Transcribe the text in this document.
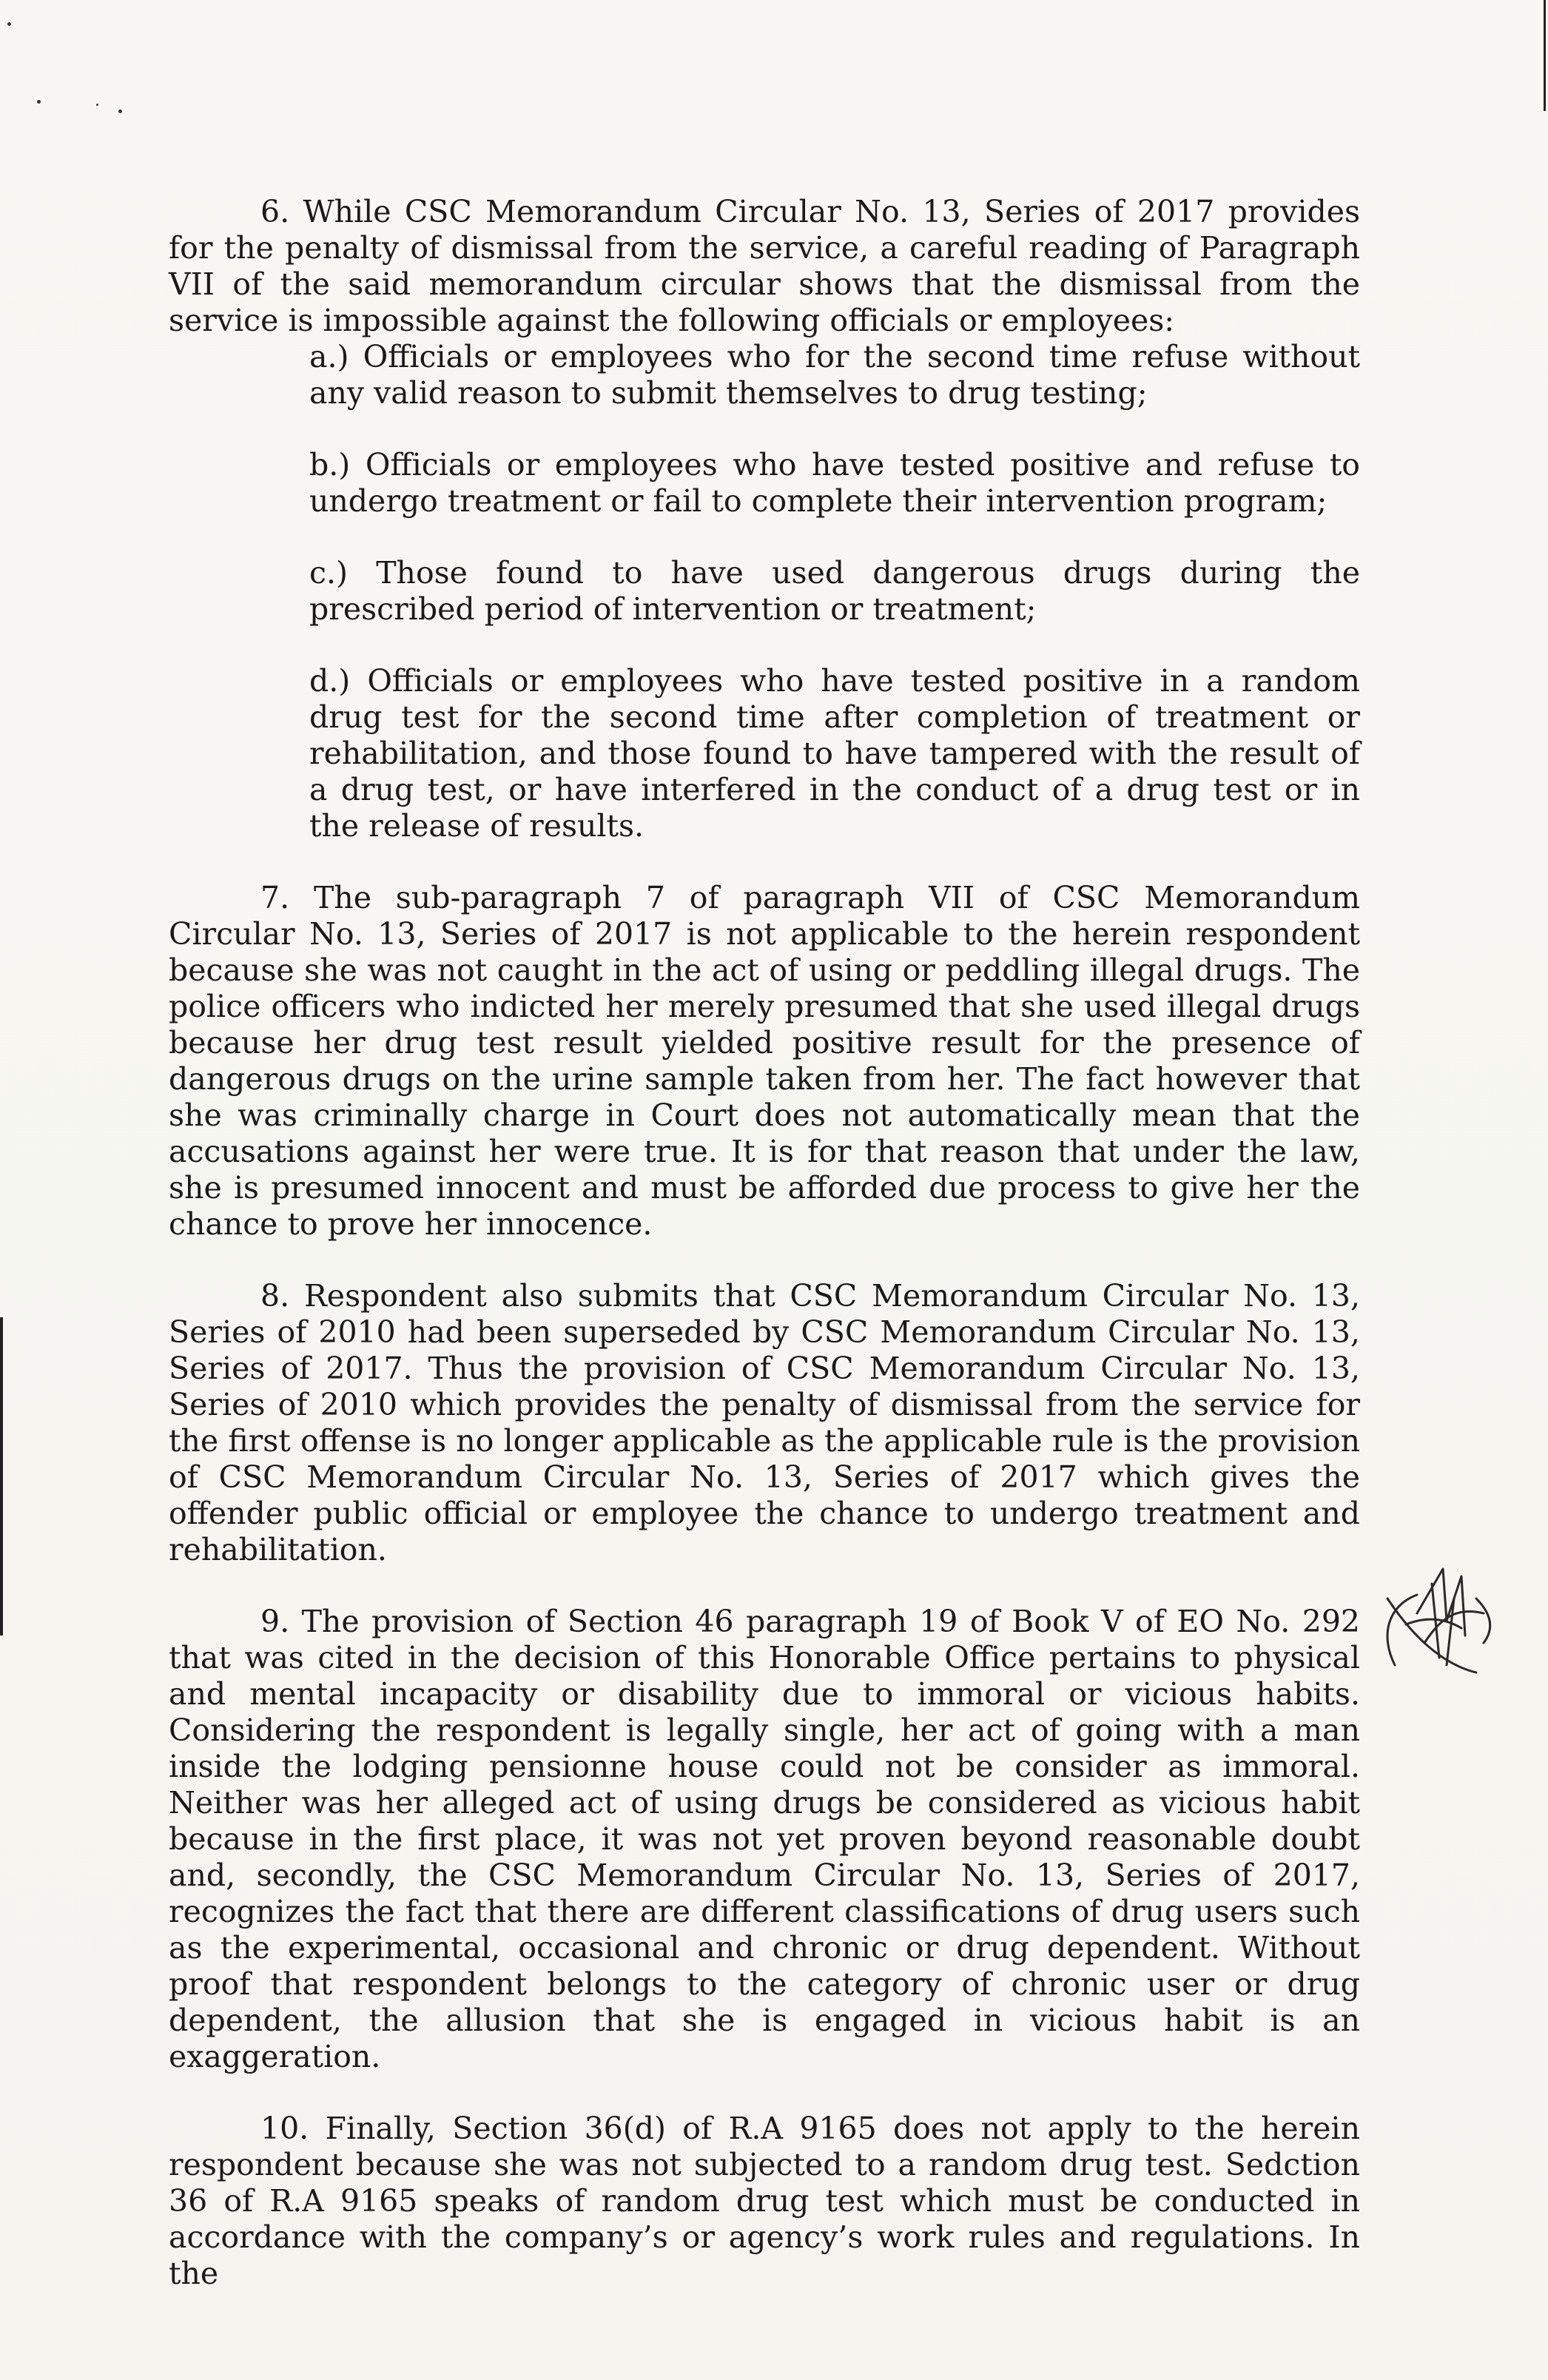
6. While CSC Memorandum Circular No. 13, Series of 2017 provides for the penalty of dismissal from the service, a careful reading of Paragraph VII of the said memorandum circular shows that the dismissal from the service is impossible against the following officials or employees:

a.) Officials or employees who for the second time refuse without any valid reason to submit themselves to drug testing;

b.) Officials or employees who have tested positive and refuse to undergo treatment or fail to complete their intervention program;

c.) Those found to have used dangerous drugs during the prescribed period of intervention or treatment;

d.) Officials or employees who have tested positive in a random drug test for the second time after completion of treatment or rehabilitation, and those found to have tampered with the result of a drug test, or have interfered in the conduct of a drug test or in the release of results.

7. The sub-paragraph 7 of paragraph VII of CSC Memorandum Circular No. 13, Series of 2017 is not applicable to the herein respondent because she was not caught in the act of using or peddling illegal drugs. The police officers who indicted her merely presumed that she used illegal drugs because her drug test result yielded positive result for the presence of dangerous drugs on the urine sample taken from her. The fact however that she was criminally charge in Court does not automatically mean that the accusations against her were true. It is for that reason that under the law, she is presumed innocent and must be afforded due process to give her the chance to prove her innocence.

8. Respondent also submits that CSC Memorandum Circular No. 13, Series of 2010 had been superseded by CSC Memorandum Circular No. 13, Series of 2017. Thus the provision of CSC Memorandum Circular No. 13, Series of 2010 which provides the penalty of dismissal from the service for the first offense is no longer applicable as the applicable rule is the provision of CSC Memorandum Circular No. 13, Series of 2017 which gives the offender public official or employee the chance to undergo treatment and rehabilitation.

9. The provision of Section 46 paragraph 19 of Book V of EO No. 292 that was cited in the decision of this Honorable Office pertains to physical and mental incapacity or disability due to immoral or vicious habits. Considering the respondent is legally single, her act of going with a man inside the lodging pensionne house could not be consider as immoral. Neither was her alleged act of using drugs be considered as vicious habit because in the first place, it was not yet proven beyond reasonable doubt and, secondly, the CSC Memorandum Circular No. 13, Series of 2017, recognizes the fact that there are different classifications of drug users such as the experimental, occasional and chronic or drug dependent. Without proof that respondent belongs to the category of chronic user or drug dependent, the allusion that she is engaged in vicious habit is an exaggeration.

10. Finally, Section 36(d) of R.A 9165 does not apply to the herein respondent because she was not subjected to a random drug test. Sedction 36 of R.A 9165 speaks of random drug test which must be conducted in accordance with the company’s or agency’s work rules and regulations. In the
